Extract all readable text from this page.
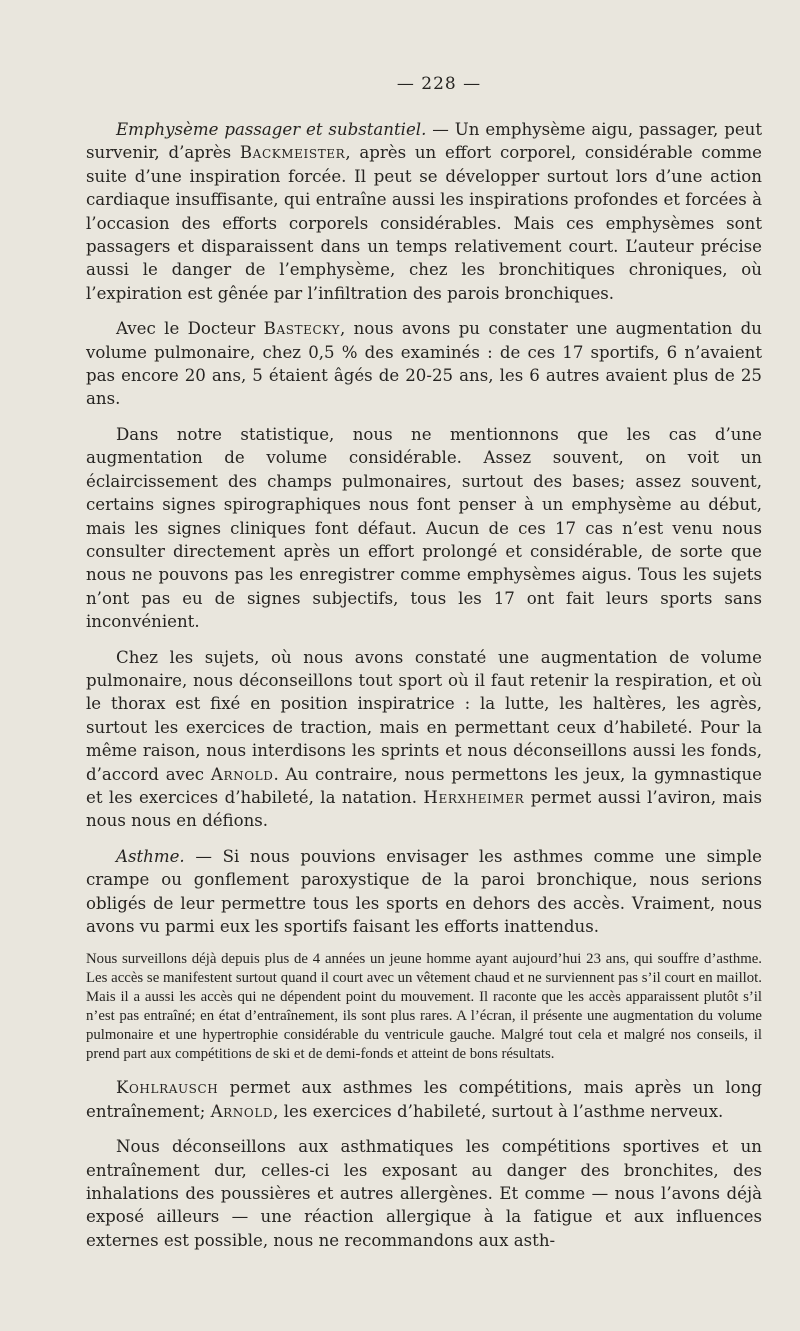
— 228 —

Emphysème passager et substantiel. — Un emphysème aigu, passager, peut survenir, d’après Backmeister, après un effort corporel, considérable comme suite d’une inspiration forcée. Il peut se développer surtout lors d’une action cardiaque insuffisante, qui entraîne aussi les inspirations profondes et forcées à l’occasion des efforts corporels considérables. Mais ces emphysèmes sont passagers et disparaissent dans un temps relativement court. L’auteur précise aussi le danger de l’emphysème, chez les bronchitiques chroniques, où l’expiration est gênée par l’infiltration des parois bronchiques.

Avec le Docteur Bastecky, nous avons pu constater une augmentation du volume pulmonaire, chez 0,5 % des examinés : de ces 17 sportifs, 6 n’avaient pas encore 20 ans, 5 étaient âgés de 20-25 ans, les 6 autres avaient plus de 25 ans.

Dans notre statistique, nous ne mentionnons que les cas d’une augmentation de volume considérable. Assez souvent, on voit un éclaircissement des champs pulmonaires, surtout des bases; assez souvent, certains signes spirographiques nous font penser à un emphysème au début, mais les signes cliniques font défaut. Aucun de ces 17 cas n’est venu nous consulter directement après un effort prolongé et considérable, de sorte que nous ne pouvons pas les enregistrer comme emphysèmes aigus. Tous les sujets n’ont pas eu de signes subjectifs, tous les 17 ont fait leurs sports sans inconvénient.

Chez les sujets, où nous avons constaté une augmentation de volume pulmonaire, nous déconseillons tout sport où il faut retenir la respiration, et où le thorax est fixé en position inspiratrice : la lutte, les haltères, les agrès, surtout les exercices de traction, mais en permettant ceux d’habileté. Pour la même raison, nous interdisons les sprints et nous déconseillons aussi les fonds, d’accord avec Arnold. Au contraire, nous permettons les jeux, la gymnastique et les exercices d’habileté, la natation. Herxheimer permet aussi l’aviron, mais nous nous en défions.

Asthme. — Si nous pouvions envisager les asthmes comme une simple crampe ou gonflement paroxystique de la paroi bronchique, nous serions obligés de leur permettre tous les sports en dehors des accès. Vraiment, nous avons vu parmi eux les sportifs faisant les efforts inattendus.

Nous surveillons déjà depuis plus de 4 années un jeune homme ayant aujourd’hui 23 ans, qui souffre d’asthme. Les accès se manifestent surtout quand il court avec un vêtement chaud et ne surviennent pas s’il court en maillot. Mais il a aussi les accès qui ne dépendent point du mouvement. Il raconte que les accès apparaissent plutôt s’il n’est pas entraîné; en état d’entraînement, ils sont plus rares. A l’écran, il présente une augmentation du volume pulmonaire et une hypertrophie considérable du ventricule gauche. Malgré tout cela et malgré nos conseils, il prend part aux compétitions de ski et de demi-fonds et atteint de bons résultats.

Kohlrausch permet aux asthmes les compétitions, mais après un long entraînement; Arnold, les exercices d’habileté, surtout à l’asthme nerveux.

Nous déconseillons aux asthmatiques les compétitions sportives et un entraînement dur, celles-ci les exposant au danger des bronchites, des inhalations des poussières et autres allergènes. Et comme — nous l’avons déjà exposé ailleurs — une réaction allergique à la fatigue et aux influences externes est possible, nous ne recommandons aux asth-
